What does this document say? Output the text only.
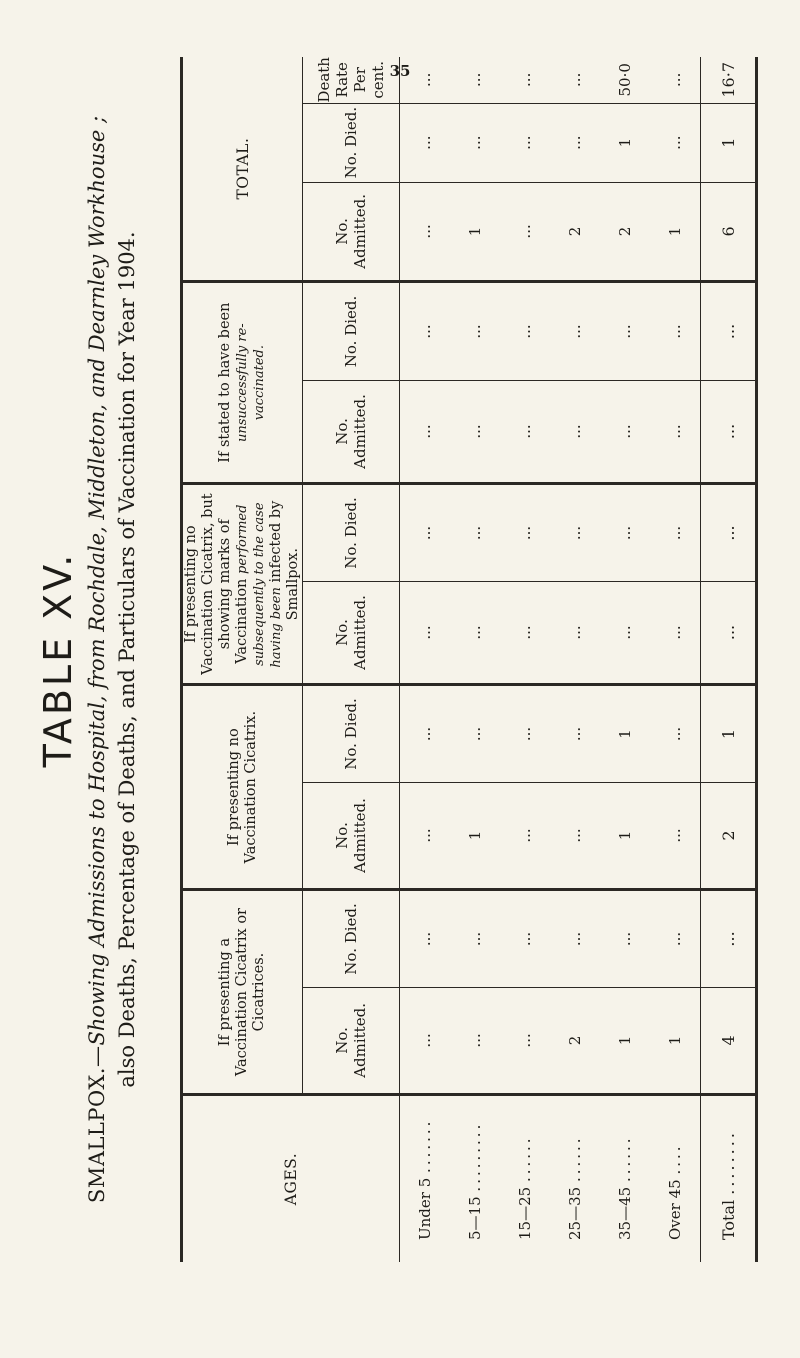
35
TABLE XV.
SMALLPOX.—Showing Admissions to Hospital, from Rochdale, Middleton, and Dearnley Workhouse ; also Deaths, Percentage of Deaths, and Particulars of Vaccination for Year 1904.
AGES.	If presenting a Vaccination Cicatrix or Cicatrices.		If presenting no Vaccination Cicatrix.		If presenting no Vaccination Cicatrix, but showing marks of Vaccination performed subsequently to the case having been infected by Smallpox.		If stated to have been unsuccessfully re-vaccinated.		TOTAL.		
	No. Admitted.	No. Died.	No. Admitted.	No. Died.	No. Admitted.	No. Died.	No. Admitted.	No. Died.	No. Admitted.	No. Died.	Death Rate Per cent.
Under 5 .......	...	...	...	...	...	...	...	...	...	...	...
5—15 .........	...	...	1	...	...	...	...	...	1	...	...
15—25 ......	...	...	...	...	...	...	...	...	...	...	...
25—35 ......	2	...	...	...	...	...	...	...	2	...	...
35—45 ......	1	...	1	1	...	...	...	...	2	1	50·0
Over 45 ....	1	...	...	...	...	...	...	...	1	...	...
Total ........	4	...	2	1	...	...	...	...	6	1	16·7
